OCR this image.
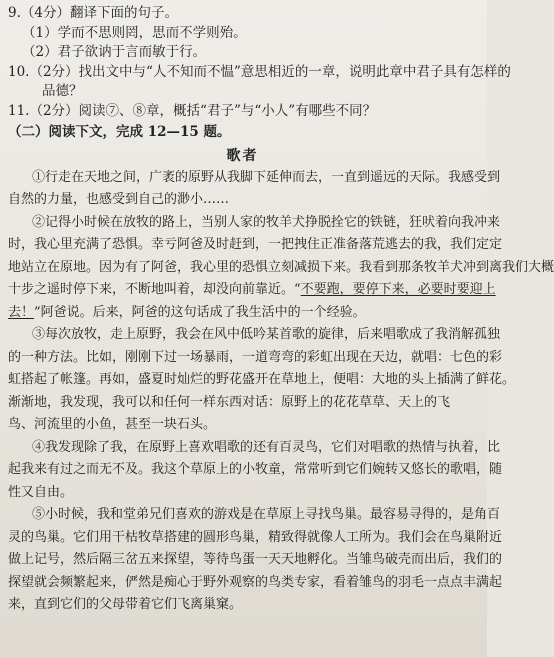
9.（4分）翻译下面的句子。
（1）学而不思则罔，思而不学则殆。
（2）君子欲讷于言而敏于行。
10.（2分）找出文中与“人不知而不愠”意思相近的一章，说明此章中君子具有怎样的
品德？
11.（2分）阅读⑦、⑧章，概括“君子”与“小人”有哪些不同？
（二）阅读下文，完成 12—15 题。
歌者
①行走在天地之间，广袤的原野从我脚下延伸而去，一直到遥远的天际。我感受到
自然的力量，也感受到自己的渺小……
②记得小时候在放牧的路上，当别人家的牧羊犬挣脱拴它的铁链，狂吠着向我冲来
时，我心里充满了恐惧。幸亏阿爸及时赶到，一把拽住正准备落荒逃去的我，我们定定
地站立在原地。因为有了阿爸，我心里的恐惧立刻减损下来。我看到那条牧羊犬冲到离我们大概
十步之遥时停下来，不断地叫着，却没向前靠近。“不要跑，要停下来，必要时要迎上
去！”阿爸说。后来，阿爸的这句话成了我生活中的一个经验。
③每次放牧，走上原野，我会在风中低吟某首歌的旋律，后来唱歌成了我消解孤独
的一种方法。比如，刚刚下过一场暴雨，一道弯弯的彩虹出现在天边，就唱：七色的彩
虹搭起了帐篷。再如，盛夏时灿烂的野花盛开在草地上，便唱：大地的头上插满了鲜花。
渐渐地，我发现，我可以和任何一样东西对话：原野上的花花草草、天上的飞
鸟、河流里的小鱼，甚至一块石头。
④我发现除了我，在原野上喜欢唱歌的还有百灵鸟，它们对唱歌的热情与执着，比
起我来有过之而无不及。我这个草原上的小牧童，常常听到它们婉转又悠长的歌唱，随
性又自由。
⑤小时候，我和堂弟兄们喜欢的游戏是在草原上寻找鸟巢。最容易寻得的，是角百
灵的鸟巢。它们用干枯牧草搭建的圆形鸟巢，精致得就像人工所为。我们会在鸟巢附近
做上记号，然后隔三岔五来探望，等待鸟蛋一天天地孵化。当雏鸟破壳而出后，我们的
探望就会频繁起来，俨然是痴心于野外观察的鸟类专家，看着雏鸟的羽毛一点点丰满起
来，直到它们的父母带着它们飞离巢窠。
